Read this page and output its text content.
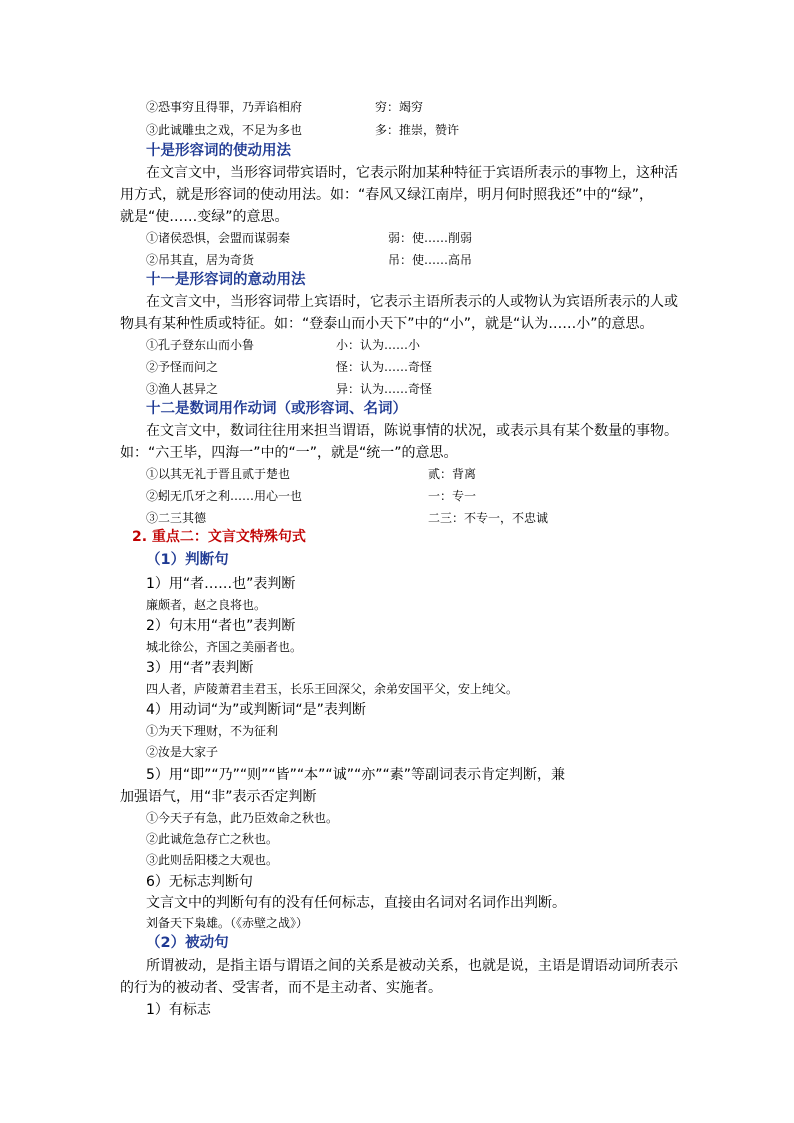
②恐事穷且得罪，乃弄谄相府	穷：竭穷
③此诚雕虫之戏，不足为多也	多：推崇，赞许
十是形容词的使动用法
在文言文中，当形容词带宾语时，它表示附加某种特征于宾语所表示的事物上，这种活
用方式，就是形容词的使动用法。如：“春风又绿江南岸，明月何时照我还”中的“绿”，
就是“使……变绿”的意思。
①诸侯恐惧，会盟而谋弱秦	弱：使……削弱
②吊其直，居为奇货	吊：使……高吊
十一是形容词的意动用法
在文言文中，当形容词带上宾语时，它表示主语所表示的人或物认为宾语所表示的人或
物具有某种性质或特征。如：“登泰山而小天下”中的“小”，就是“认为……小”的意思。
①孔子登东山而小鲁	小：认为……小
②予怪而问之	怪：认为……奇怪
③渔人甚异之	异：认为……奇怪
十二是数词用作动词（或形容词、名词）
在文言文中，数词往往用来担当谓语，陈说事情的状况，或表示具有某个数量的事物。
如：“六王毕，四海一”中的“一”，就是“统一”的意思。
①以其无礼于晋且贰于楚也	贰：背离
②蚓无爪牙之利……用心一也	一：专一
③二三其德	二三：不专一，不忠诚
2. 重点二：文言文特殊句式
（1）判断句
1）用“者……也”表判断
廉颇者，赵之良将也。
2）句末用“者也”表判断
城北徐公，齐国之美丽者也。
3）用“者”表判断
四人者，庐陵萧君圭君玉，长乐王回深父，余弟安国平父，安上纯父。
4）用动词“为”或判断词“是”表判断
①为天下理财，不为征利
②汝是大家子
5）用“即”“乃”“则”“皆”“本”“诚”“亦”“素”等副词表示肯定判断，兼
加强语气，用“非”表示否定判断
①今天子有急，此乃臣效命之秋也。
②此诚危急存亡之秋也。
③此则岳阳楼之大观也。
6）无标志判断句
文言文中的判断句有的没有任何标志，直接由名词对名词作出判断。
刘备天下枭雄。（《赤壁之战》）
（2）被动句
所谓被动，是指主语与谓语之间的关系是被动关系，也就是说，主语是谓语动词所表示
的行为的被动者、受害者，而不是主动者、实施者。
1）有标志
